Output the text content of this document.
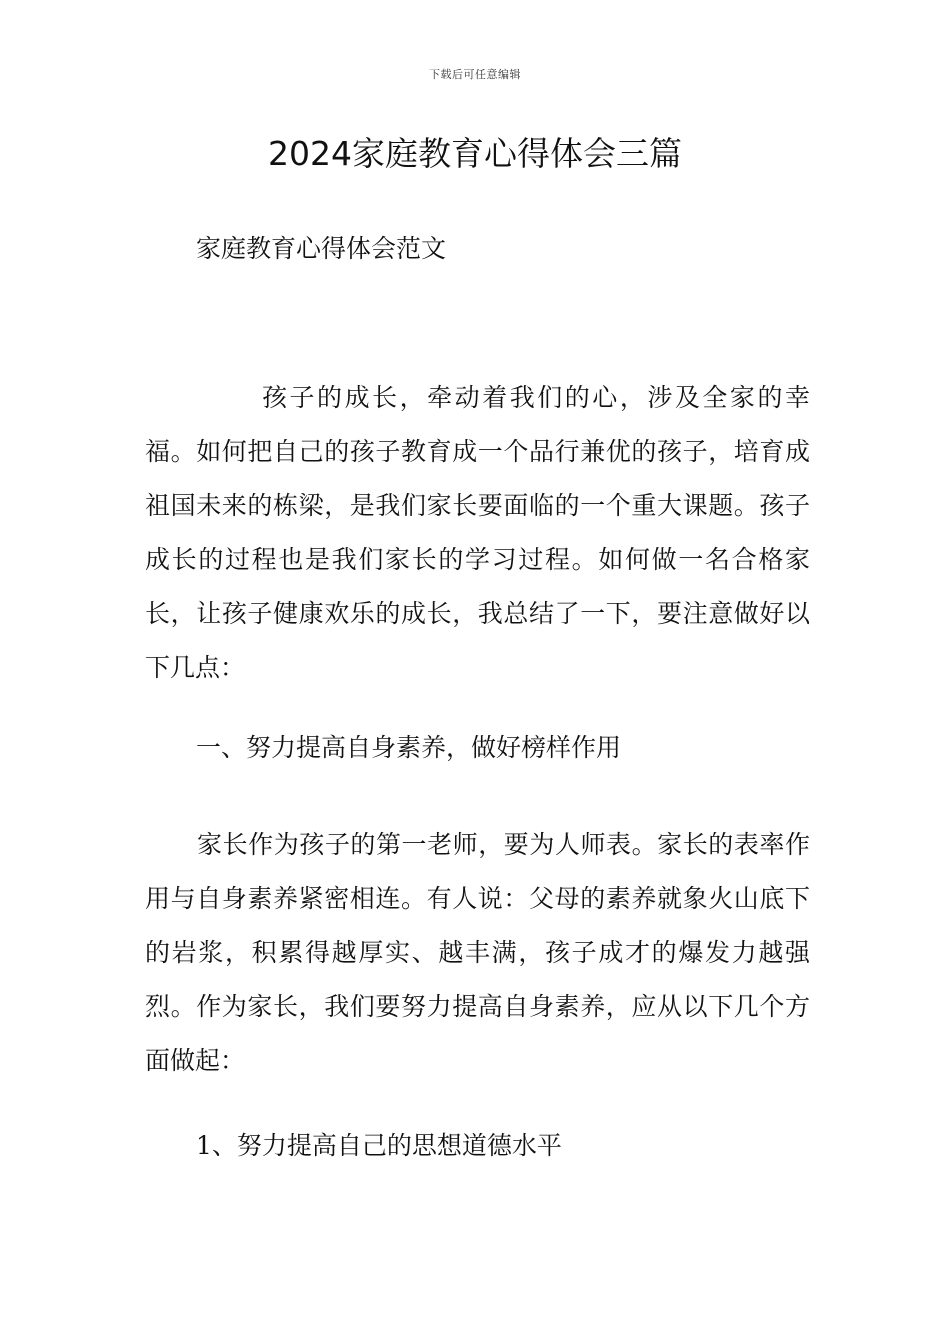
下载后可任意编辑
2024家庭教育心得体会三篇
家庭教育心得体会范文

孩子的成长，牵动着我们的心，涉及全家的幸福。如何把自己的孩子教育成一个品行兼优的孩子，培育成祖国未来的栋梁，是我们家长要面临的一个重大课题。孩子成长的过程也是我们家长的学习过程。如何做一名合格家长，让孩子健康欢乐的成长，我总结了一下，要注意做好以下几点：

一、努力提高自身素养，做好榜样作用

家长作为孩子的第一老师，要为人师表。家长的表率作用与自身素养紧密相连。有人说：父母的素养就象火山底下的岩浆，积累得越厚实、越丰满，孩子成才的爆发力越强烈。作为家长，我们要努力提高自身素养，应从以下几个方面做起：

1、努力提高自己的思想道德水平
